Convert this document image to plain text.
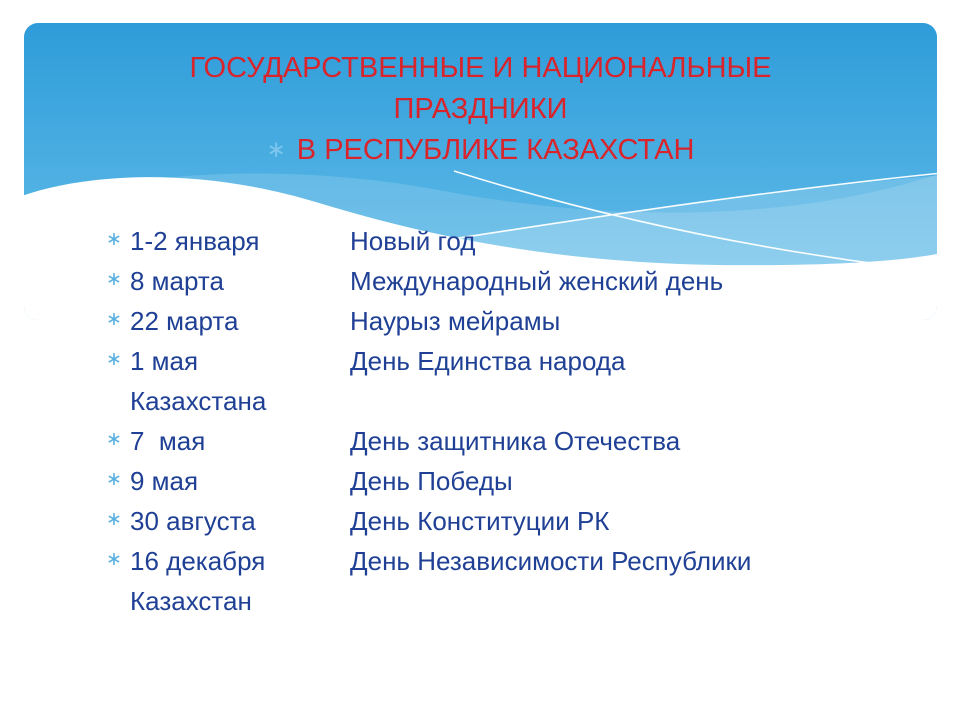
ГОСУДАРСТВЕННЫЕ И НАЦИОНАЛЬНЫЕ
ПРАЗДНИКИ
∗ В РЕСПУБЛИКЕ КАЗАХСТАН
∗ 1-2 января	Новый год
∗ 8 марта	Международный женский день
∗ 22 марта	Наурыз мейрамы
∗ 1 мая	День Единства народа
Казахстана
∗ 7  мая	День защитника Отечества
∗ 9 мая	День Победы
∗ 30 августа	День Конституции РК
∗ 16 декабря	День Независимости Республики
Казахстан
